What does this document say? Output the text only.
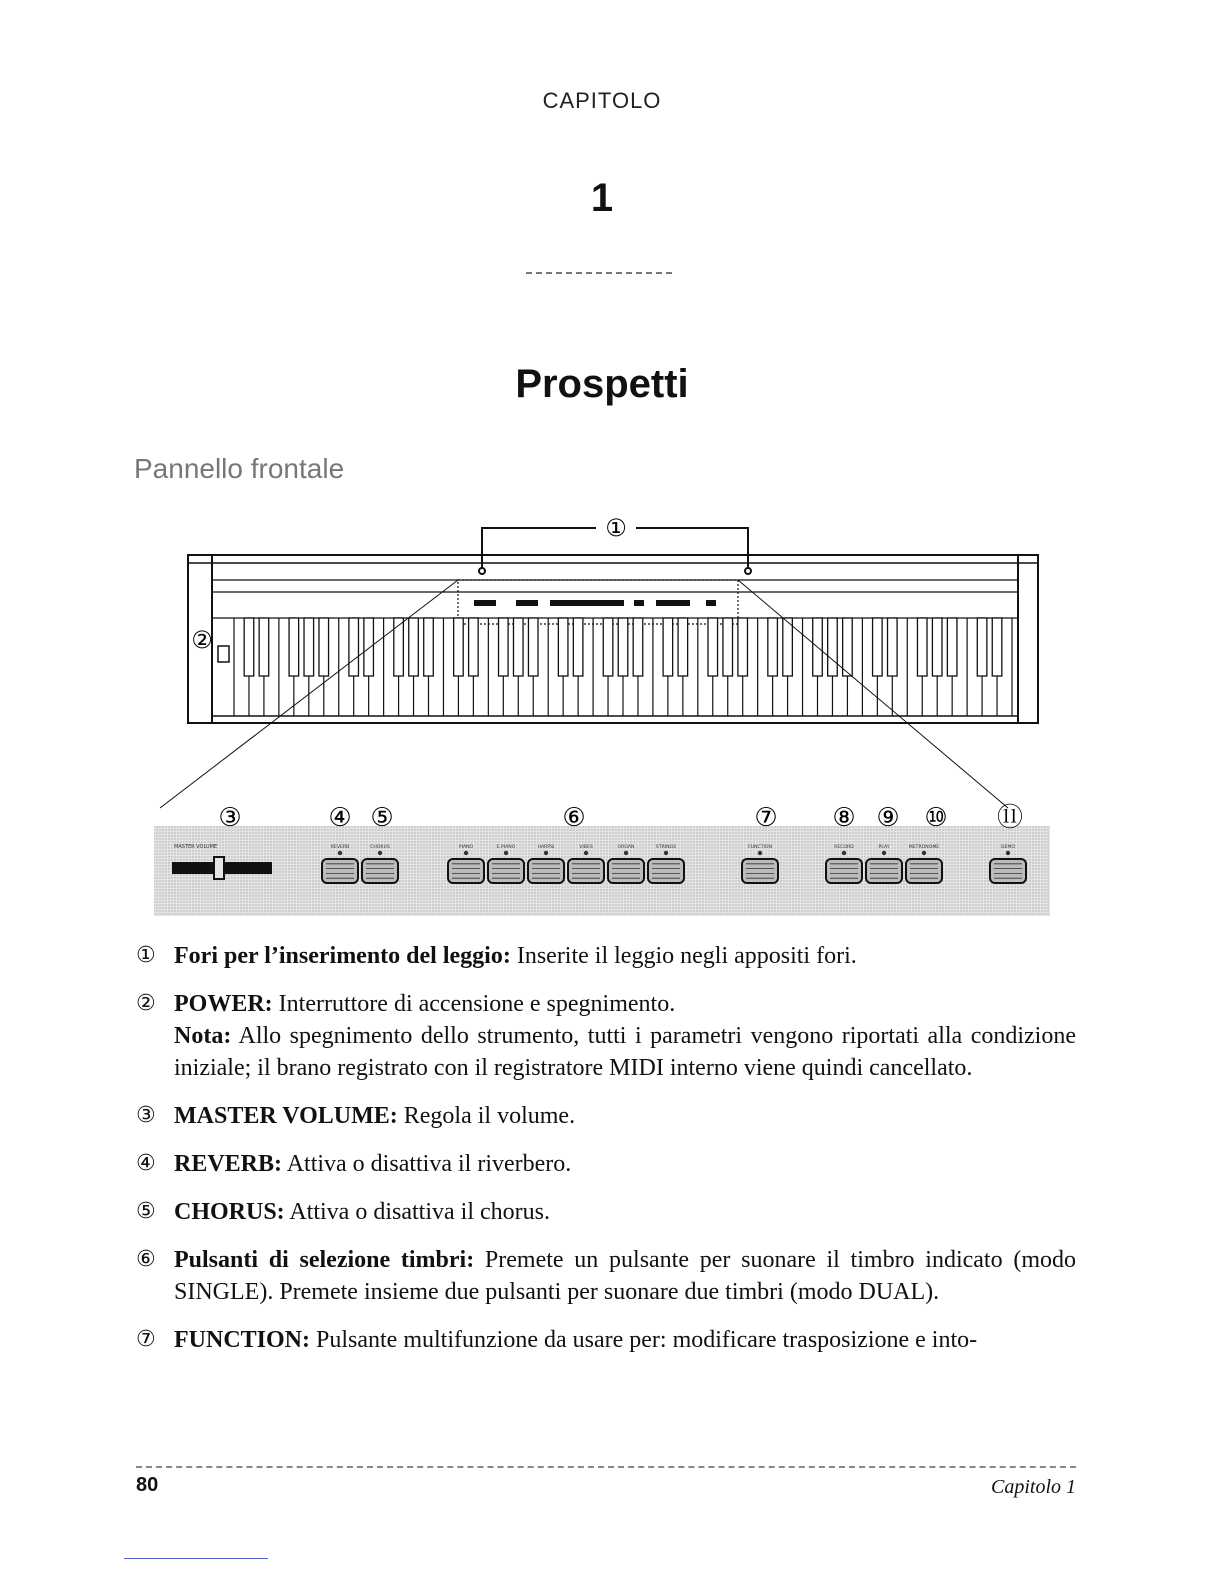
CAPITOLO
1
Prospetti
Pannello frontale
①
②
③	④ ⑤	⑥	⑦ ⑧ ⑨ ⑩ ⑪
MASTER VOLUME	REVERB	CHORUS	PIANO	E.PIANO	HARPSI	VIBES	ORGAN	STRINGS	FUNCTION	RECORD	PLAY	METRONOME	DEMO
① Fori per l’inserimento del leggio: Inserite il leggio negli appositi fori.
② POWER: Interruttore di accensione e spegnimento.
Nota: Allo spegnimento dello strumento, tutti i parametri vengono riportati alla condizione iniziale; il brano registrato con il registratore MIDI interno viene quindi cancellato.
③ MASTER VOLUME: Regola il volume.
④ REVERB: Attiva o disattiva il riverbero.
⑤ CHORUS: Attiva o disattiva il chorus.
⑥ Pulsanti di selezione timbri: Premete un pulsante per suonare il timbro indicato (modo SINGLE). Premete insieme due pulsanti per suonare due timbri (modo DUAL).
⑦ FUNCTION: Pulsante multifunzione da usare per: modificare trasposizione e into-
80	Capitolo 1
